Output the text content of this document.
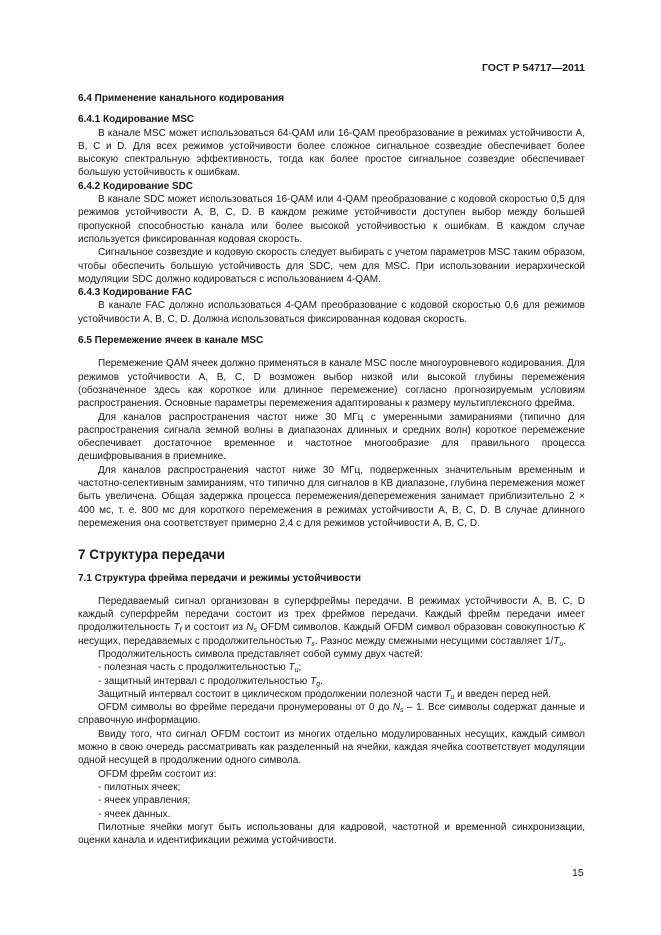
ГОСТ Р 54717—2011

6.4 Применение канального кодирования

6.4.1 Кодирование MSC

В канале MSC может использоваться 64-QAM или 16-QAM преобразование в режимах устойчивости A, B, C и D. Для всех режимов устойчивости более сложное сигнальное созвездие обеспечивает более высокую спектральную эффективность, тогда как более простое сигнальное созвездие обеспечивает большую устойчивость к ошибкам.

6.4.2 Кодирование SDC

В канале SDC может использоваться 16-QAM или 4-QAM преобразование с кодовой скоростью 0,5 для режимов устойчивости A, B, C, D. В каждом режиме устойчивости доступен выбор между большей пропускной способностью канала или более высокой устойчивостью к ошибкам. В каждом случае используется фиксированная кодовая скорость.

Сигнальное созвездие и кодовую скорость следует выбирать с учетом параметров MSC таким образом, чтобы обеспечить большую устойчивость для SDC, чем для MSC. При использовании иерархической модуляции SDC должно кодироваться с использованием 4-QAM.

6.4.3 Кодирование FAC

В канале FAC должно использоваться 4-QAM преобразование с кодовой скоростью 0,6 для режимов устойчивости A, B, C, D. Должна использоваться фиксированная кодовая скорость.

6.5 Перемежение ячеек в канале MSC

Перемежение QAM ячеек должно применяться в канале MSC после многоуровневого кодирования. Для режимов устойчивости A, B, C, D возможен выбор низкой или высокой глубины перемежения (обозначенное здесь как короткое или длинное перемежение) согласно прогнозируемым условиям распространения. Основные параметры перемежения адаптированы к размеру мультиплексного фрейма.

Для каналов распространения частот ниже 30 МГц с умеренными замираниями (типично для распространения сигнала земной волны в диапазонах длинных и средних волн) короткое перемежение обеспечивает достаточное временное и частотное многообразие для правильного процесса дешифровывания в приемнике.

Для каналов распространения частот ниже 30 МГц, подверженных значительным временным и частотно-селективным замираниям, что типично для сигналов в КВ диапазоне, глубина перемежения может быть увеличена. Общая задержка процесса перемежения/деперемежения занимает приблизительно 2 × 400 мс, т. е. 800 мс для короткого перемежения в режимах устойчивости A, B, C, D. В случае длинного перемежения она соответствует примерно 2,4 с для режимов устойчивости A, B, C, D.

7 Структура передачи

7.1 Структура фрейма передачи и режимы устойчивости

Передаваемый сигнал организован в суперфреймы передачи. В режимах устойчивости A, B, C, D каждый суперфрейм передачи состоит из трех фреймов передачи. Каждый фрейм передачи имеет продолжительность $T_f$ и состоит из $N_s$ OFDM символов. Каждый OFDM символ образован совокупностью K несущих, передаваемых с продолжительностью $T_s$. Разнос между смежными несущими составляет $1/T_u$.

Продолжительность символа представляет собой сумму двух частей:

- полезная часть с продолжительностью $T_u$;

- защитный интервал с продолжительностью $T_g$.

Защитный интервал состоит в циклическом продолжении полезной части $T_u$ и введен перед ней.

OFDM символы во фрейме передачи пронумерованы от 0 до $N_s - 1$. Все символы содержат данные и справочную информацию.

Ввиду того, что сигнал OFDM состоит из многих отдельно модулированных несущих, каждый символ можно в свою очередь рассматривать как разделенный на ячейки, каждая ячейка соответствует модуляции одной несущей в продолжении одного символа.

OFDM фрейм состоит из:

- пилотных ячеек;

- ячеек управления;

- ячеек данных.

Пилотные ячейки могут быть использованы для кадровой, частотной и временной синхронизации, оценки канала и идентификации режима устойчивости.

15
